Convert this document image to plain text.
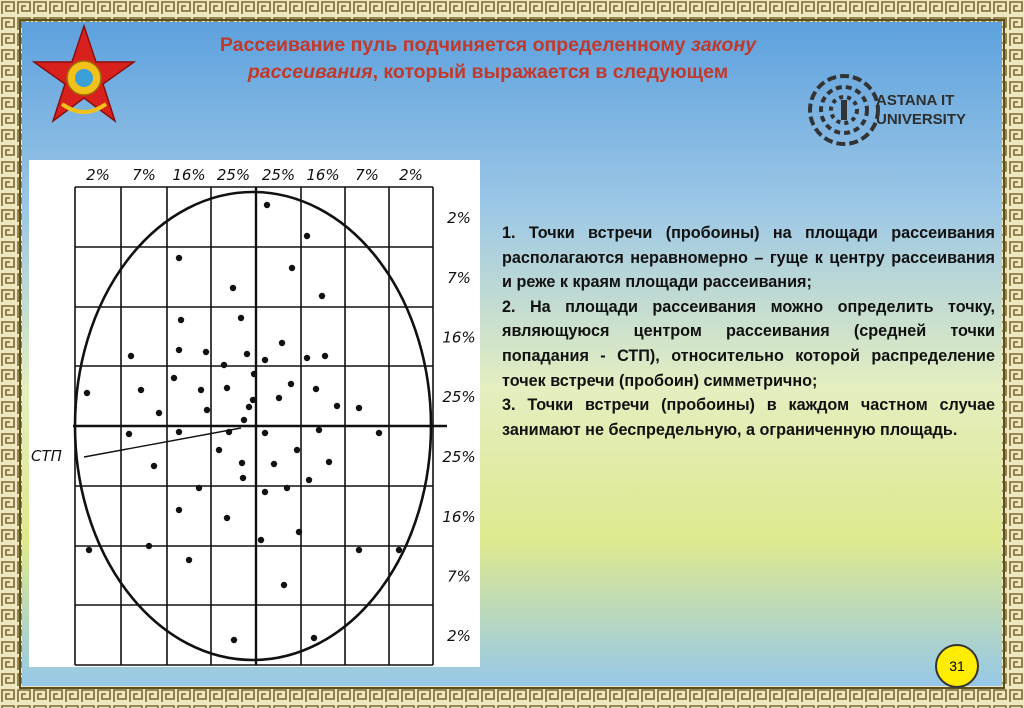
Рассеивание пуль подчиняется определенному закону
рассеивания, который выражается в следующем
ASTANA IT
UNIVERSITY
2% 7% 16% 25% 25% 16% 7% 2%
2%
7%
16%
25%
25%
16%
7%
2%
СТП

1. Точки встречи (пробоины) на площади рассеивания располагаются неравномерно – гуще к центру рассеивания и реже к краям площади рассеивания;

2. На площади рассеивания можно определить точку, являющуюся центром рассеивания (средней точки попадания - СТП), относительно которой распределение точек встречи (пробоин) симметрично;

3. Точки встречи (пробоины) в каждом частном случае занимают не беспредельную, а ограниченную площадь.

31
